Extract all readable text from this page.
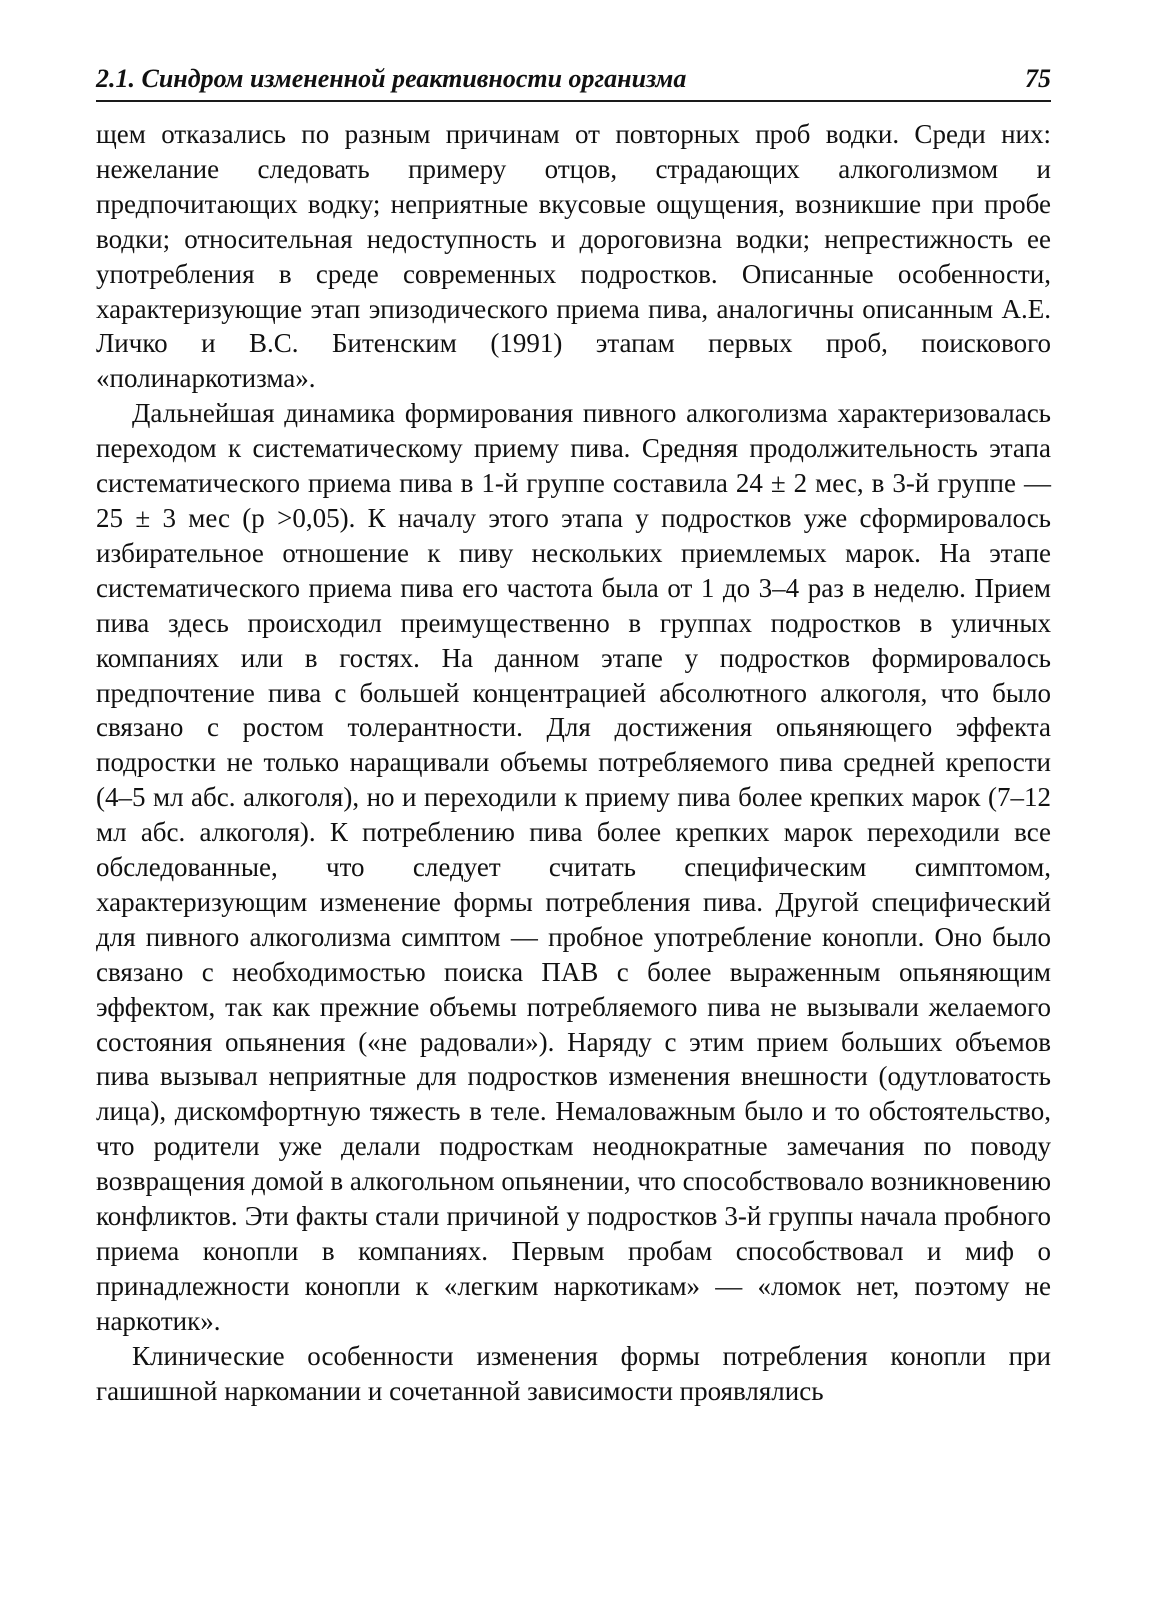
2.1. Синдром измененной реактивности организма	75

щем отказались по разным причинам от повторных проб водки. Среди них: нежелание следовать примеру отцов, страдающих алкоголизмом и предпочитающих водку; неприятные вкусовые ощущения, возникшие при пробе водки; относительная недоступность и дороговизна водки; непрестижность ее употребления в среде современных подростков. Описанные особенности, характеризующие этап эпизодического приема пива, аналогичны описанным А.Е. Личко и В.С. Битенским (1991) этапам первых проб, поискового «полинаркотизма».

Дальнейшая динамика формирования пивного алкоголизма характеризовалась переходом к систематическому приему пива. Средняя продолжительность этапа систематического приема пива в 1-й группе составила 24 ± 2 мес, в 3-й группе — 25 ± 3 мес (р >0,05). К началу этого этапа у подростков уже сформировалось избирательное отношение к пиву нескольких приемлемых марок. На этапе систематического приема пива его частота была от 1 до 3–4 раз в неделю. Прием пива здесь происходил преимущественно в группах подростков в уличных компаниях или в гостях. На данном этапе у подростков формировалось предпочтение пива с большей концентрацией абсолютного алкоголя, что было связано с ростом толерантности. Для достижения опьяняющего эффекта подростки не только наращивали объемы потребляемого пива средней крепости (4–5 мл абс. алкоголя), но и переходили к приему пива более крепких марок (7–12 мл абс. алкоголя). К потреблению пива более крепких марок переходили все обследованные, что следует считать специфическим симптомом, характеризующим изменение формы потребления пива. Другой специфический для пивного алкоголизма симптом — пробное употребление конопли. Оно было связано с необходимостью поиска ПАВ с более выраженным опьяняющим эффектом, так как прежние объемы потребляемого пива не вызывали желаемого состояния опьянения («не радовали»). Наряду с этим прием больших объемов пива вызывал неприятные для подростков изменения внешности (одутловатость лица), дискомфортную тяжесть в теле. Немаловажным было и то обстоятельство, что родители уже делали подросткам неоднократные замечания по поводу возвращения домой в алкогольном опьянении, что способствовало возникновению конфликтов. Эти факты стали причиной у подростков 3-й группы начала пробного приема конопли в компаниях. Первым пробам способствовал и миф о принадлежности конопли к «легким наркотикам» — «ломок нет, поэтому не наркотик».

Клинические особенности изменения формы потребления конопли при гашишной наркомании и сочетанной зависимости проявлялись
